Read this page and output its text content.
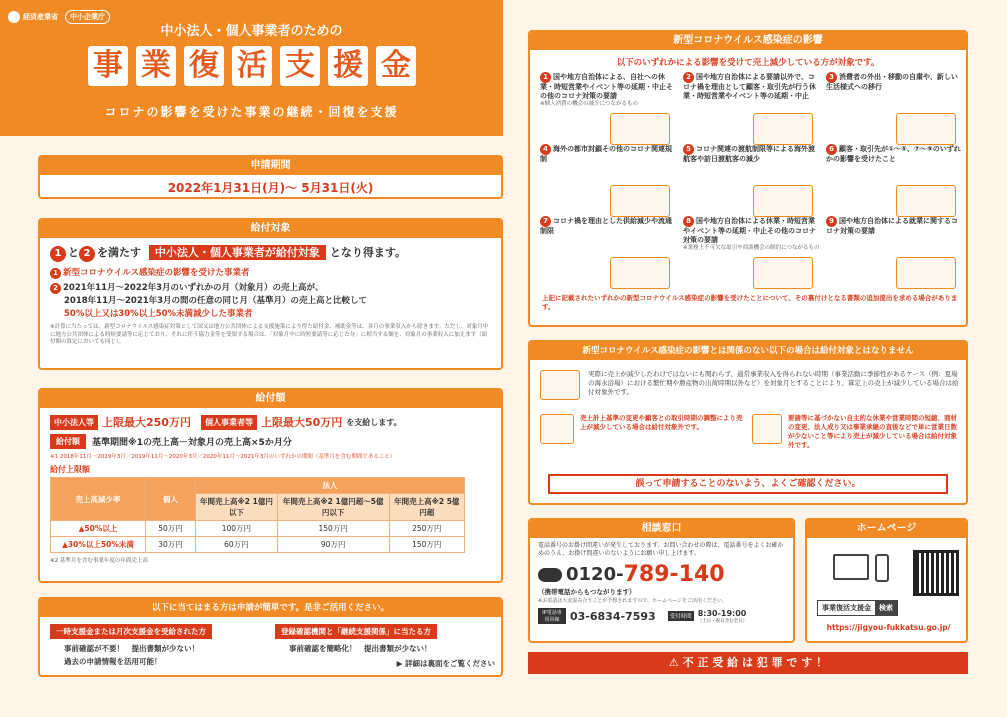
経済産業省	中小企業庁
中小法人・個人事業者のための
事 業 復 活 支 援 金
コロナの影響を受けた事業の継続・回復を支援
申請期間
2022年1月31日(月)～ 5月31日(火)
給付対象
1 と 2 を満たす 中小法人・個人事業者が給付対象 となり得ます。
1 新型コロナウイルス感染症の影響を受けた事業者
2 2021年11月～2022年3月のいずれかの月（対象月）の売上高が、
2018年11月～2021年3月の間の任意の同じ月（基準月）の売上高と比較して
50%以上又は30%以上50%未満減少した事業者
※計算に当たっては、新型コロナウイルス感染症対策として国又は地方公共団体による支援施策により得た給付金、補助金等は、各月の事業収入から除きます。ただし、対象月中に地方公共団体による時短要請等に応じており、それに伴う協力金等を受領する場合は、「対象月中に時短要請等に応じた分」に相当する額を、対象月の事業収入に加えます（給付額の算定においても同じ）。
給付額
中小法人等 上限最大250万円	個人事業者等 上限最大50万円 を支給します。
給付額	基準期間※1の売上高－対象月の売上高×5か月分
※1 2018年11月～2019年3月／2019年11月～2020年3月／2020年11月～2021年3月のいずれかの期間（基準月を含む期間であること）
給付上限額
売上高減少率	個人	法人		
		年間売上高※2 1億円以下	年間売上高※2 1億円超～5億円以下	年間売上高※2 5億円超
▲50%以上	50万円	100万円	150万円	250万円
▲30%以上50%未満	30万円	60万円	90万円	150万円
※2 基準月を含む事業年度の年間売上高
以下に当てはまる方は申請が簡単です。是非ご活用ください。
一時支援金または月次支援金を受給された方
事前確認が不要！　提出書類が少ない！
過去の申請情報を活用可能！
登録確認機関と「継続支援関係」に当たる方
事前確認を簡略化！　提出書類が少ない！
▶ 詳細は裏面をご覧ください
新型コロナウイルス感染症の影響
以下のいずれかによる影響を受けて売上減少している方が対象です。
1 国や地方自治体による、自社への休業・時短営業やイベント等の延期・中止その他のコロナ対策の要請
※個人消費の機会の減少につながるもの
2 国や地方自治体による要請以外で、コロナ禍を理由として顧客・取引先が行う休業・時短営業やイベント等の延期・中止
3 消費者の外出・移動の自粛や、新しい生活様式への移行
4 海外の都市封鎖その他のコロナ関連規制
5 コロナ関連の渡航制限等による海外渡航客や訪日渡航客の減少
6 顧客・取引先が①～⑤、⑦～⑨のいずれかの影響を受けたこと
7 コロナ禍を理由とした供給減少や流通制限
8 国や地方自治体による休業・時短営業やイベント等の延期・中止その他のコロナ対策の要請
※業務上不可欠な取引や商談機会の制約につながるもの
9 国や地方自治体による就業に関するコロナ対策の要請
上記に記載されたいずれかの新型コロナウイルス感染症の影響を受けたことについて、その裏付けとなる書類の追加提出を求める場合があります。
新型コロナウイルス感染症の影響とは関係のない以下の場合は給付対象とはなりません
実際に売上が減少したわけではないにも関わらず、通常事業収入を得られない時期（事業活動に季節性があるケース（例：夏場の海水浴場）における繁忙期や農産物の出荷時期以外など）を対象月とすることにより、算定上の売上が減少している場合は給付対象外です。
売上計上基準の変更や顧客との取引時期の調整により売上が減少している場合は給付対象外です。
要請等に基づかない自主的な休業や営業時間の短縮、商材の変更、法人成り又は事業承継の直後などで単に営業日数が少ないこと等により売上が減少している場合は給付対象外です。
誤って申請することのないよう、よくご確認ください。
相談窓口
電話番号のお掛け間違いが発生しております。お問い合わせの際は、電話番号をよくお確かめのうえ、お掛け間違いのないようにお願い申し上げます。
0120- 789-140
（携帯電話からもつながります）
※お電話は大変混み合うことが予想されますので、ホームページをご活用ください。
IP電話専用回線 03-6834-7593	受付時間 8:30-19:00
（土日・祝日含む全日）
ホームページ
事業復活支援金	検索
https://jigyou-fukkatsu.go.jp/
⚠ 不 正 受 給 は 犯 罪 で す ！
